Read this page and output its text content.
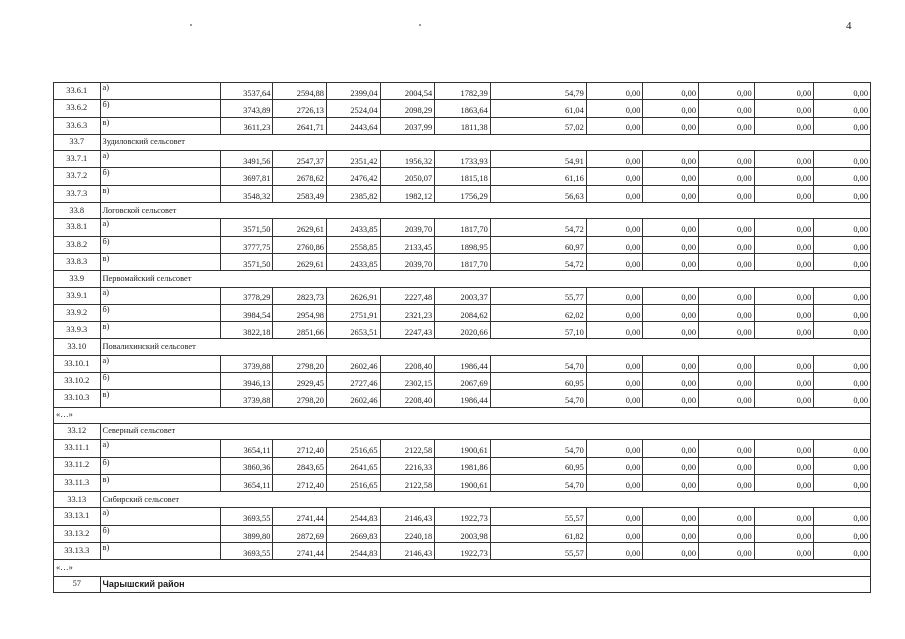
4
33.6.1	а)	3537,64	2594,88	2399,04	2004,54	1782,39	54,79	0,00	0,00	0,00	0,00	0,00
33.6.2	б)	3743,89	2726,13	2524,04	2098,29	1863,64	61,04	0,00	0,00	0,00	0,00	0,00
33.6.3	в)	3611,23	2641,71	2443,64	2037,99	1811,38	57,02	0,00	0,00	0,00	0,00	0,00
33.7	Зудиловский сельсовет											
33.7.1	а)	3491,56	2547,37	2351,42	1956,32	1733,93	54,91	0,00	0,00	0,00	0,00	0,00
33.7.2	б)	3697,81	2678,62	2476,42	2050,07	1815,18	61,16	0,00	0,00	0,00	0,00	0,00
33.7.3	в)	3548,32	2583,49	2385,82	1982,12	1756,29	56,63	0,00	0,00	0,00	0,00	0,00
33.8	Логовской сельсовет											
33.8.1	а)	3571,50	2629,61	2433,85	2039,70	1817,70	54,72	0,00	0,00	0,00	0,00	0,00
33.8.2	б)	3777,75	2760,86	2558,85	2133,45	1898,95	60,97	0,00	0,00	0,00	0,00	0,00
33.8.3	в)	3571,50	2629,61	2433,85	2039,70	1817,70	54,72	0,00	0,00	0,00	0,00	0,00
33.9	Первомайский сельсовет											
33.9.1	а)	3778,29	2823,73	2626,91	2227,48	2003,37	55,77	0,00	0,00	0,00	0,00	0,00
33.9.2	б)	3984,54	2954,98	2751,91	2321,23	2084,62	62,02	0,00	0,00	0,00	0,00	0,00
33.9.3	в)	3822,18	2851,66	2653,51	2247,43	2020,66	57,10	0,00	0,00	0,00	0,00	0,00
33.10	Повалихинский сельсовет											
33.10.1	а)	3739,88	2798,20	2602,46	2208,40	1986,44	54,70	0,00	0,00	0,00	0,00	0,00
33.10.2	б)	3946,13	2929,45	2727,46	2302,15	2067,69	60,95	0,00	0,00	0,00	0,00	0,00
33.10.3	в)	3739,88	2798,20	2602,46	2208,40	1986,44	54,70	0,00	0,00	0,00	0,00	0,00
«…»												
33.12	Северный сельсовет											
33.11.1	а)	3654,11	2712,40	2516,65	2122,58	1900,61	54,70	0,00	0,00	0,00	0,00	0,00
33.11.2	б)	3860,36	2843,65	2641,65	2216,33	1981,86	60,95	0,00	0,00	0,00	0,00	0,00
33.11.3	в)	3654,11	2712,40	2516,65	2122,58	1900,61	54,70	0,00	0,00	0,00	0,00	0,00
33.13	Сибирский сельсовет											
33.13.1	а)	3693,55	2741,44	2544,83	2146,43	1922,73	55,57	0,00	0,00	0,00	0,00	0,00
33.13.2	б)	3899,80	2872,69	2669,83	2240,18	2003,98	61,82	0,00	0,00	0,00	0,00	0,00
33.13.3	в)	3693,55	2741,44	2544,83	2146,43	1922,73	55,57	0,00	0,00	0,00	0,00	0,00
«…»												
57	Чарышский район											
